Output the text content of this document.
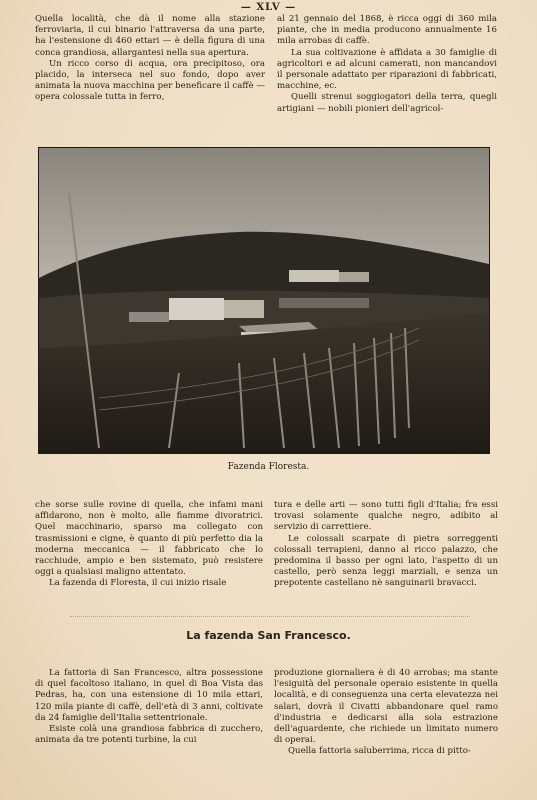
— XLV —

Quella località, che dà il nome alla stazione ferroviaria, il cui binario l'attraversa da una parte, ha l'estensione di 460 ettari — è della figura di una conca grandiosa, allargantesi nella sua apertura.

Un ricco corso di acqua, ora precipitoso, ora placido, la interseca nel suo fondo, dopo aver animata la nuova macchina per beneficare il caffè — opera colossale tutta in ferro,

al 21 gennaio del 1868, è ricca oggi di 360 mila piante, che in media producono annualmente 16 mila arrobas di caffè.

La sua coltivazione è affidata a 30 famiglie di agricoltori e ad alcuni camerati, non mancandovi il personale adattato per riparazioni di fabbricati, macchine, ec.

Quelli strenui soggiogatori della terra, quegli artigiani — nobili pionieri dell'agricol-

Fazenda Floresta.

che sorse sulle rovine di quella, che infami mani affidarono, non è molto, alle fiamme divoratrici. Quel macchinario, sparso ma collegato con trasmissioni e cigne, è quanto di più perfetto dia la moderna meccanica — il fabbricato che lo racchiude, ampio e ben sistemato, può resistere oggi a qualsiasi maligno attentato.

La fazenda di Floresta, il cui inizio risale

tura e delle arti — sono tutti figli d'Italia; fra essi trovasi solamente qualche negro, adibito al servizio di carrettiere.

Le colossali scarpate di pietra sorreggenti colossali terrapieni, danno al ricco palazzo, che predomina il basso per ogni lato, l'aspetto di un castello, però senza leggi marziali, e senza un prepotente castellano nè sanguinarii bravacci.

La fazenda San Francesco.

La fattoria di San Francesco, altra possessione di quel facoltoso italiano, in quel di Boa Vista das Pedras, ha, con una estensione di 10 mila ettari, 120 mila piante di caffè, dell'età di 3 anni, coltivate da 24 famiglie dell'Italia settentrionale.

Esiste colà una grandiosa fabbrica di zucchero, animata da tre potenti turbine, la cui

produzione giornaliera è di 40 arrobas; ma stante l'esiguità del personale operaio esistente in quella località, e di conseguenza una certa elevatezza nei salari, dovrà il Civatti abbandonare quel ramo d'industria e dedicarsi alla sola estrazione dell'aguardente, che richiede un limitato numero di operai.

Quella fattoria saluberrima, ricca di pitto-
